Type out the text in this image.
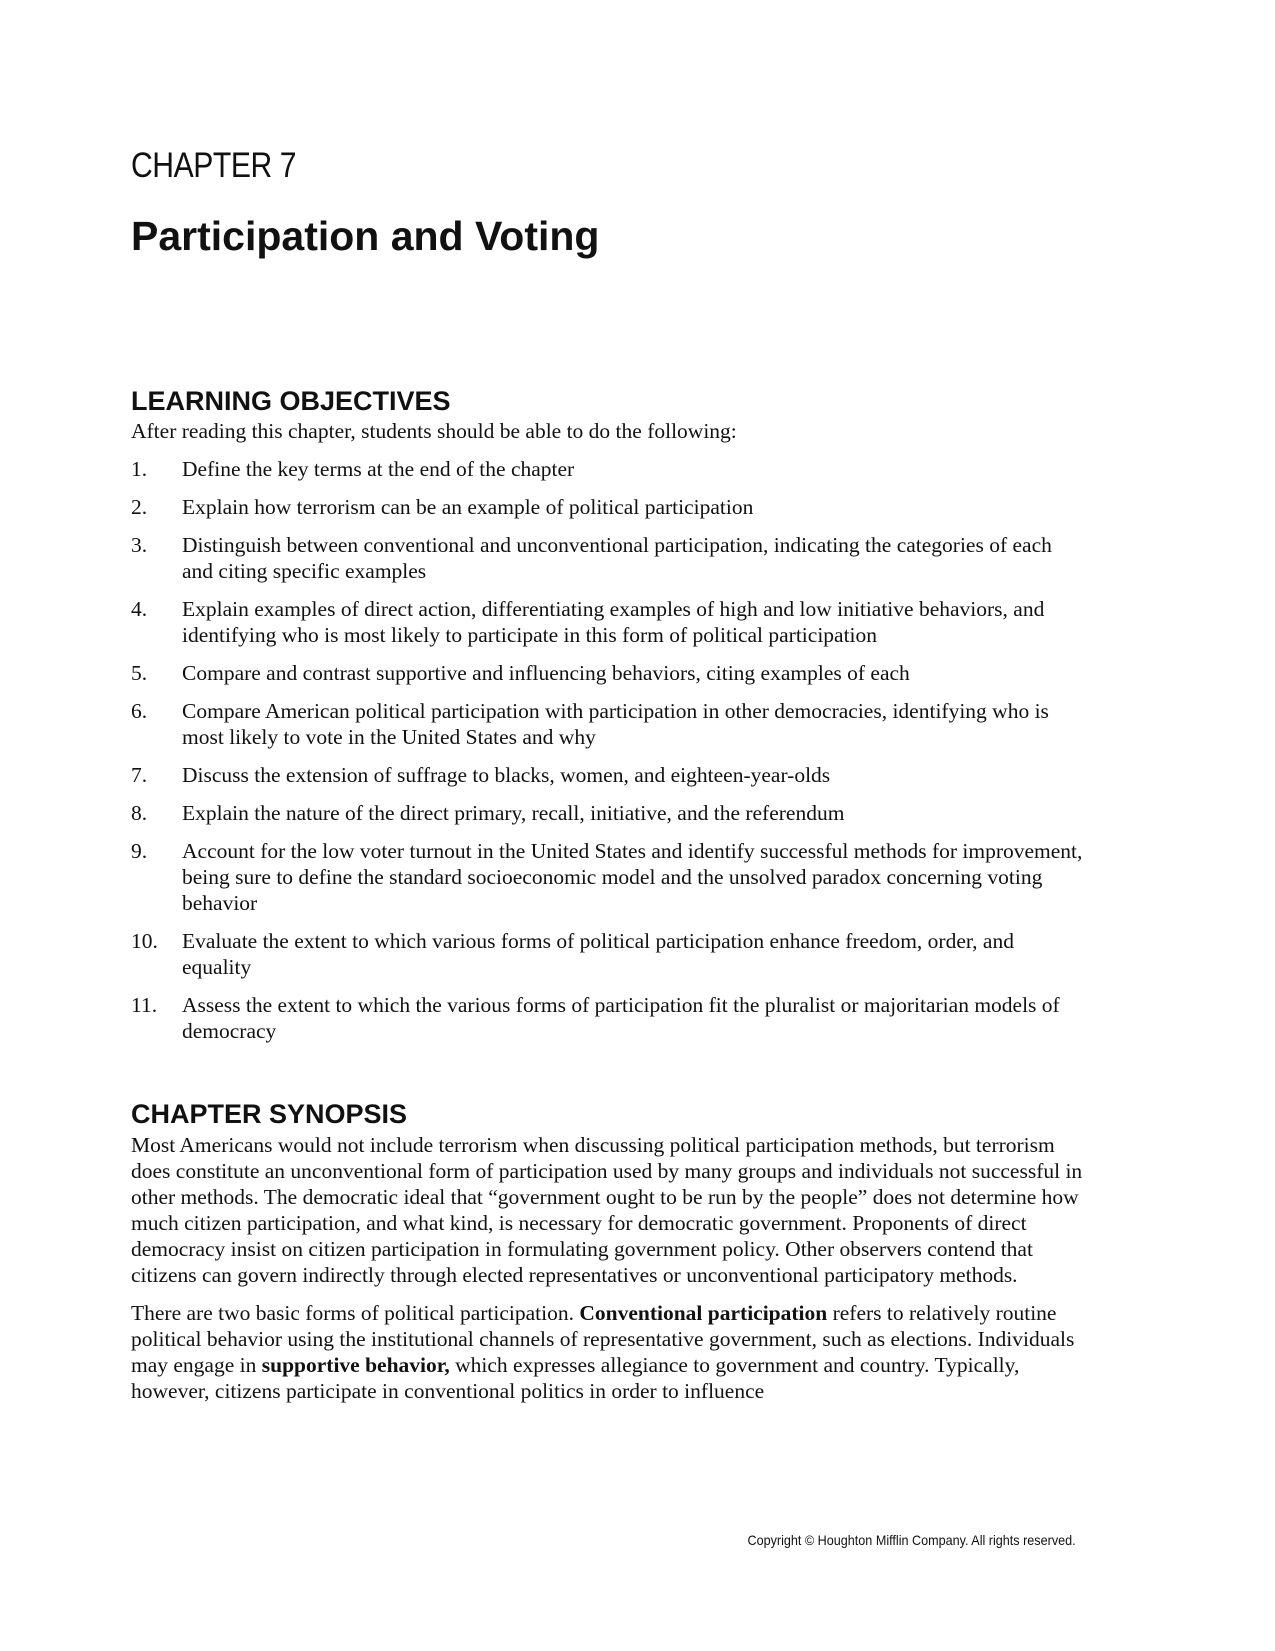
CHAPTER 7
Participation and Voting
LEARNING OBJECTIVES

After reading this chapter, students should be able to do the following:

1.	Define the key terms at the end of the chapter
2.	Explain how terrorism can be an example of political participation
3.	Distinguish between conventional and unconventional participation, indicating the categories of each and citing specific examples
4.	Explain examples of direct action, differentiating examples of high and low initiative behaviors, and identifying who is most likely to participate in this form of political participation
5.	Compare and contrast supportive and influencing behaviors, citing examples of each
6.	Compare American political participation with participation in other democracies, identifying who is most likely to vote in the United States and why
7.	Discuss the extension of suffrage to blacks, women, and eighteen-year-olds
8.	Explain the nature of the direct primary, recall, initiative, and the referendum
9.	Account for the low voter turnout in the United States and identify successful methods for improvement, being sure to define the standard socioeconomic model and the unsolved paradox concerning voting behavior
10.	Evaluate the extent to which various forms of political participation enhance freedom, order, and equality
11.	Assess the extent to which the various forms of participation fit the pluralist or majoritarian models of democracy
CHAPTER SYNOPSIS

Most Americans would not include terrorism when discussing political participation methods, but terrorism does constitute an unconventional form of participation used by many groups and individuals not successful in other methods. The democratic ideal that “government ought to be run by the people” does not determine how much citizen participation, and what kind, is necessary for democratic government. Proponents of direct democracy insist on citizen participation in formulating government policy. Other observers contend that citizens can govern indirectly through elected representatives or unconventional participatory methods.

There are two basic forms of political participation. Conventional participation refers to relatively routine political behavior using the institutional channels of representative government, such as elections. Individuals may engage in supportive behavior, which expresses allegiance to government and country. Typically, however, citizens participate in conventional politics in order to influence

Copyright © Houghton Mifflin Company. All rights reserved.
